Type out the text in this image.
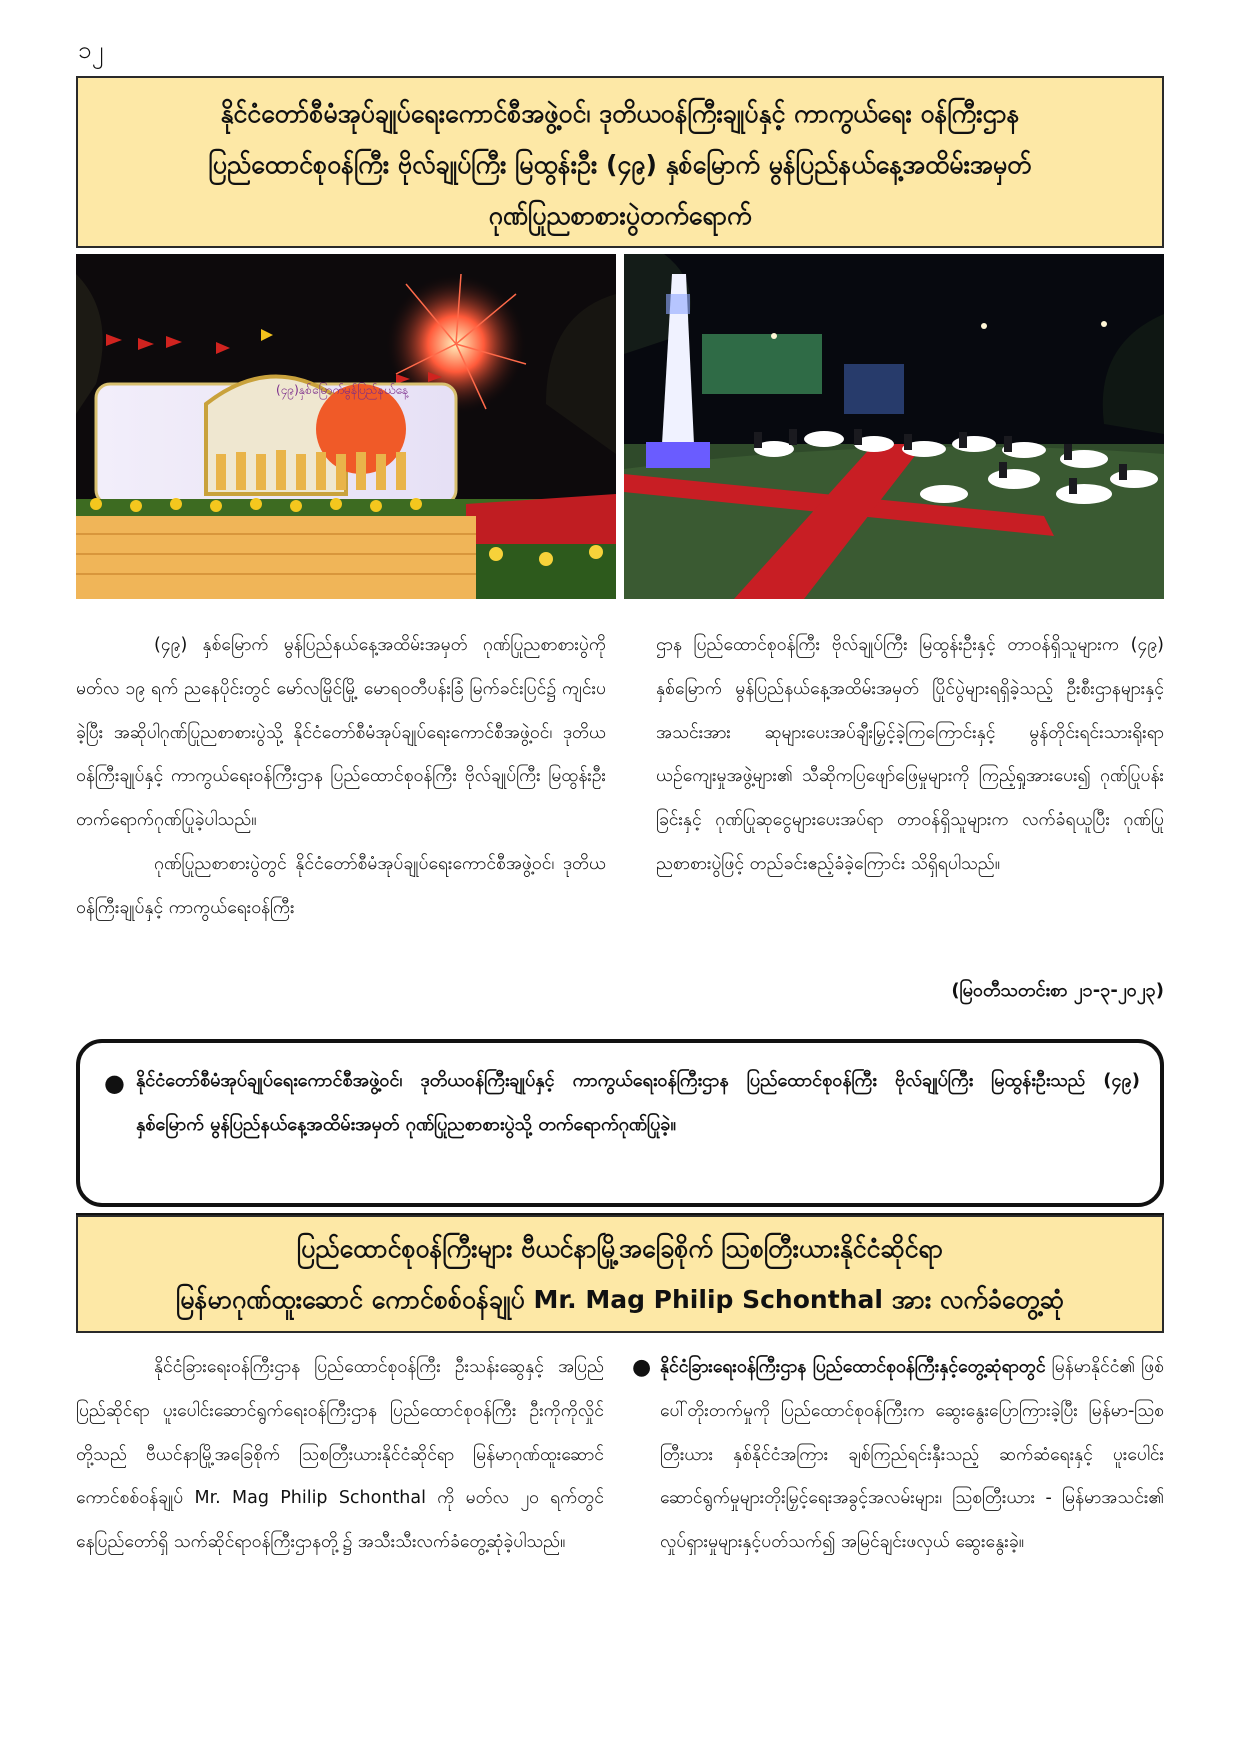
၁၂
နိုင်ငံတော်စီမံအုပ်ချုပ်ရေးကောင်စီအဖွဲ့ဝင်၊ ဒုတိယဝန်ကြီးချုပ်နှင့် ကာကွယ်ရေး ဝန်ကြီးဌာန
ပြည်ထောင်စုဝန်ကြီး ဗိုလ်ချုပ်ကြီး မြထွန်းဦး (၄၉) နှစ်မြောက် မွန်ပြည်နယ်နေ့အထိမ်းအမှတ်
ဂုဏ်ပြုညစာစားပွဲတက်ရောက်
(၄၉)နှစ်မြောက်မွန်ပြည်နယ်နေ့

(၄၉) နှစ်မြောက် မွန်ပြည်နယ်နေ့အထိမ်းအမှတ် ဂုဏ်ပြုညစာစားပွဲကို မတ်လ ၁၉ ရက် ညနေပိုင်းတွင် မော်လမြိုင်မြို့ မောရဝတီပန်းခြံ မြက်ခင်းပြင်၌ ကျင်းပခဲ့ပြီး အဆိုပါဂုဏ်ပြုညစာစားပွဲသို့ နိုင်ငံတော်စီမံအုပ်ချုပ်ရေးကောင်စီအဖွဲ့ဝင်၊ ဒုတိယဝန်ကြီးချုပ်နှင့် ကာကွယ်ရေးဝန်ကြီးဌာန ပြည်ထောင်စုဝန်ကြီး ဗိုလ်ချုပ်ကြီး မြထွန်းဦး တက်ရောက်ဂုဏ်ပြုခဲ့ပါသည်။

ဂုဏ်ပြုညစာစားပွဲတွင် နိုင်ငံတော်စီမံအုပ်ချုပ်ရေးကောင်စီအဖွဲ့ဝင်၊ ဒုတိယဝန်ကြီးချုပ်နှင့် ကာကွယ်ရေးဝန်ကြီး

ဌာန ပြည်ထောင်စုဝန်ကြီး ဗိုလ်ချုပ်ကြီး မြထွန်းဦးနှင့် တာဝန်ရှိသူများက (၄၉) နှစ်မြောက် မွန်ပြည်နယ်နေ့အထိမ်းအမှတ် ပြိုင်ပွဲများရရှိခဲ့သည့် ဦးစီးဌာနများနှင့် အသင်းအား ဆုများပေးအပ်ချီးမြှင့်ခဲ့ကြကြောင်းနှင့် မွန်တိုင်းရင်းသားရိုးရာယဉ်ကျေးမှုအဖွဲ့များ၏ သီဆိုကပြဖျော်ဖြေမှုများကို ကြည့်ရှုအားပေး၍ ဂုဏ်ပြုပန်းခြင်းနှင့် ဂုဏ်ပြုဆုငွေများပေးအပ်ရာ တာဝန်ရှိသူများက လက်ခံရယူပြီး ဂုဏ်ပြုညစာစားပွဲဖြင့် တည်ခင်းဧည့်ခံခဲ့ကြောင်း သိရှိရပါသည်။

(မြဝတီသတင်းစာ ၂၁-၃-၂၀၂၃)
● နိုင်ငံတော်စီမံအုပ်ချုပ်ရေးကောင်စီအဖွဲ့ဝင်၊ ဒုတိယဝန်ကြီးချုပ်နှင့် ကာကွယ်ရေးဝန်ကြီးဌာန ပြည်ထောင်စုဝန်ကြီး ဗိုလ်ချုပ်ကြီး မြထွန်းဦးသည် (၄၉) နှစ်မြောက် မွန်ပြည်နယ်နေ့အထိမ်းအမှတ် ဂုဏ်ပြုညစာစားပွဲသို့ တက်ရောက်ဂုဏ်ပြုခဲ့။
ပြည်ထောင်စုဝန်ကြီးများ ဗီယင်နာမြို့အခြေစိုက် ဩစတြီးယားနိုင်ငံဆိုင်ရာ
မြန်မာဂုဏ်ထူးဆောင် ကောင်စစ်ဝန်ချုပ် Mr. Mag Philip Schonthal အား လက်ခံတွေ့ဆုံ

နိုင်ငံခြားရေးဝန်ကြီးဌာန ပြည်ထောင်စုဝန်ကြီး ဦးသန်းဆွေနှင့် အပြည်ပြည်ဆိုင်ရာ ပူးပေါင်းဆောင်ရွက်ရေးဝန်ကြီးဌာန ပြည်ထောင်စုဝန်ကြီး ဦးကိုကိုလှိုင်တို့သည် ဗီယင်နာမြို့အခြေစိုက် ဩစတြီးယားနိုင်ငံဆိုင်ရာ မြန်မာဂုဏ်ထူးဆောင်ကောင်စစ်ဝန်ချုပ် Mr. Mag Philip Schonthal ကို မတ်လ ၂၀ ရက်တွင် နေပြည်တော်ရှိ သက်ဆိုင်ရာဝန်ကြီးဌာနတို့၌ အသီးသီးလက်ခံတွေ့ဆုံခဲ့ပါသည်။

● နိုင်ငံခြားရေးဝန်ကြီးဌာန ပြည်ထောင်စုဝန်ကြီးနှင့်တွေ့ဆုံရာတွင် မြန်မာနိုင်ငံ၏ ဖြစ်ပေါ်တိုးတက်မှုကို ပြည်ထောင်စုဝန်ကြီးက ဆွေးနွေးပြောကြားခဲ့ပြီး မြန်မာ-ဩစတြီးယား နှစ်နိုင်ငံအကြား ချစ်ကြည်ရင်းနှီးသည့် ဆက်ဆံရေးနှင့် ပူးပေါင်းဆောင်ရွက်မှုများတိုးမြှင့်ရေးအခွင့်အလမ်းများ၊ ဩစတြီးယား - မြန်မာအသင်း၏ လှုပ်ရှားမှုများနှင့်ပတ်သက်၍ အမြင်ချင်းဖလှယ် ဆွေးနွေးခဲ့။
